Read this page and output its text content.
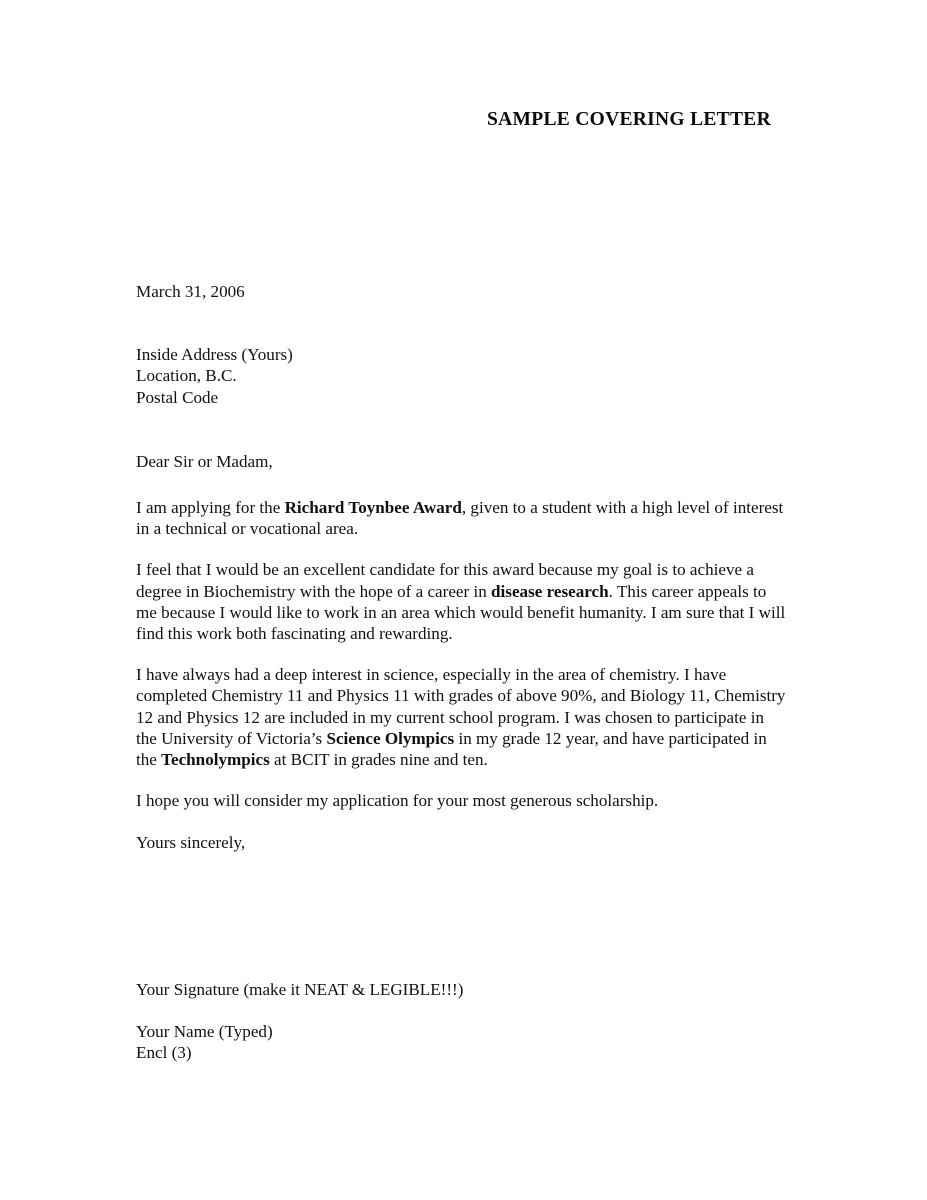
SAMPLE COVERING LETTER

March 31, 2006

Inside Address (Yours)
Location, B.C.
Postal Code

Dear Sir or Madam,

I am applying for the Richard Toynbee Award, given to a student with a high level of interest in a technical or vocational area.

I feel that I would be an excellent candidate for this award because my goal is to achieve a degree in Biochemistry with the hope of a career in disease research. This career appeals to me because I would like to work in an area which would benefit humanity. I am sure that I will find this work both fascinating and rewarding.

I have always had a deep interest in science, especially in the area of chemistry. I have completed Chemistry 11 and Physics 11 with grades of above 90%, and Biology 11, Chemistry 12 and Physics 12 are included in my current school program. I was chosen to participate in the University of Victoria’s Science Olympics in my grade 12 year, and have participated in the Technolympics at BCIT in grades nine and ten.

I hope you will consider my application for your most generous scholarship.

Yours sincerely,

Your Signature (make it NEAT & LEGIBLE!!!)

Your Name (Typed)
Encl (3)
